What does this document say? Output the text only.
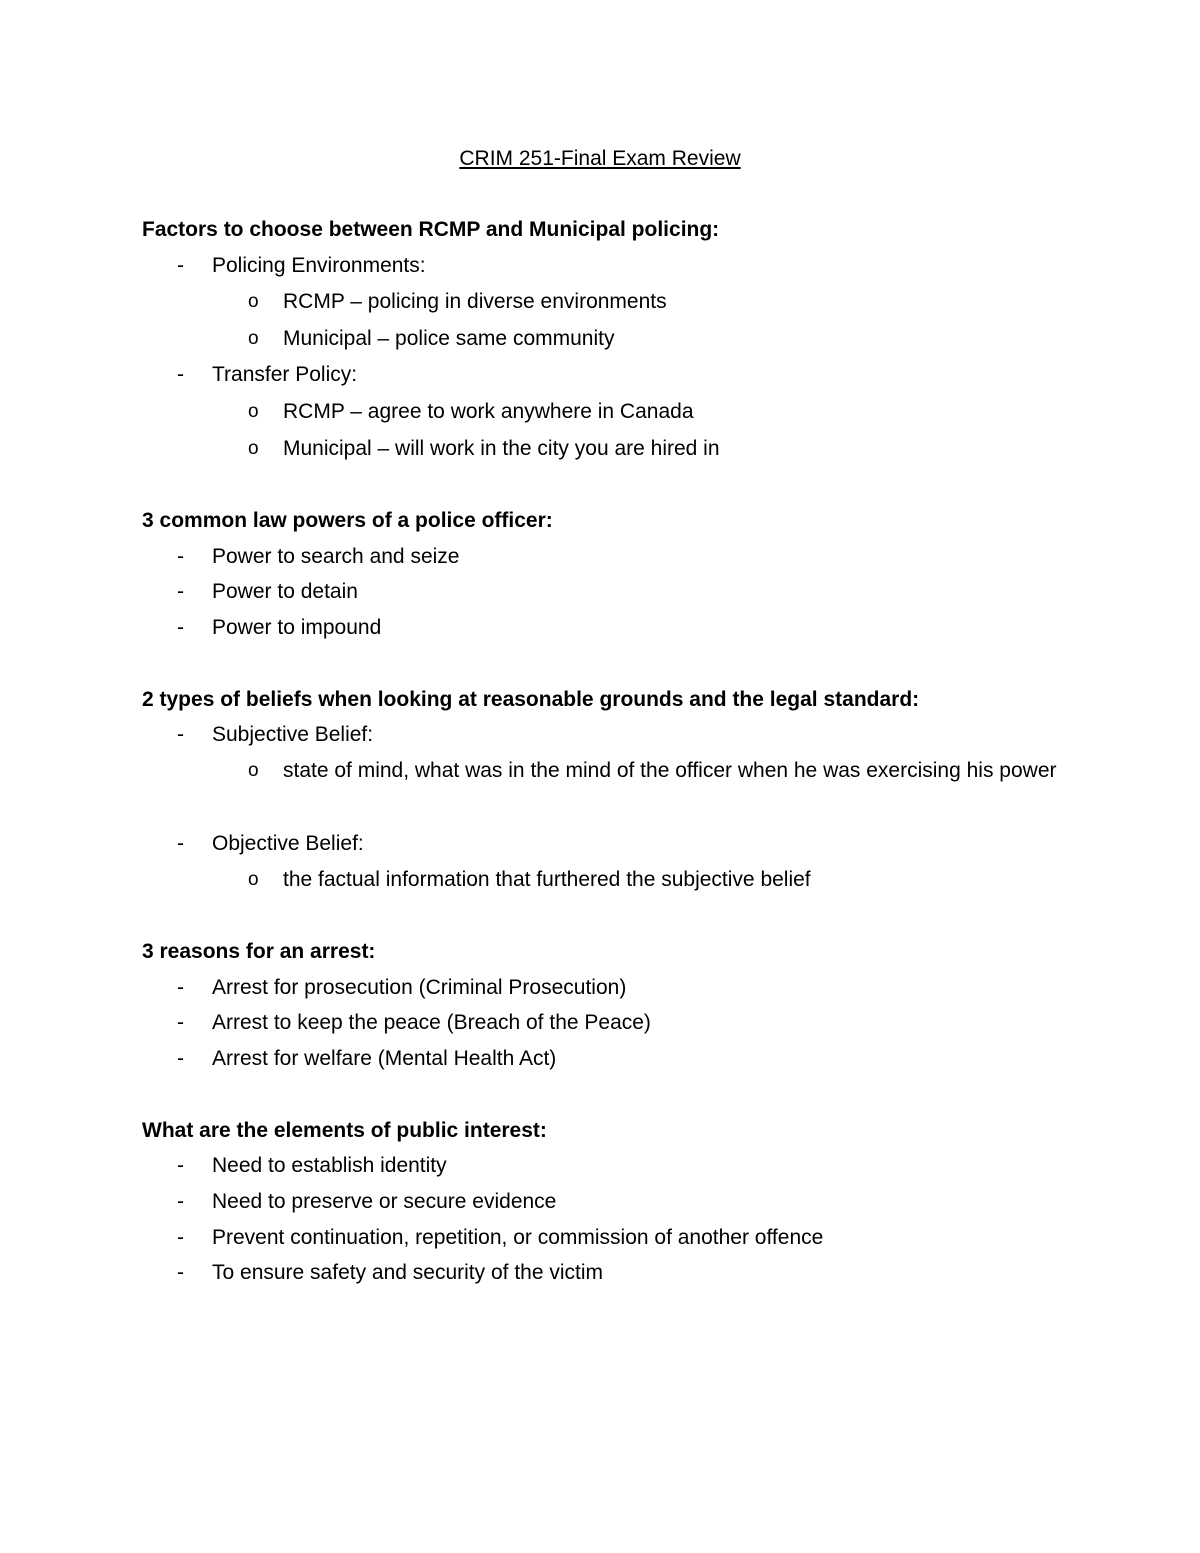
CRIM 251-Final Exam Review
Factors to choose between RCMP and Municipal policing:
- Policing Environments:
o RCMP – policing in diverse environments
o Municipal – police same community
- Transfer Policy:
o RCMP – agree to work anywhere in Canada
o Municipal – will work in the city you are hired in
3 common law powers of a police officer:
- Power to search and seize
- Power to detain
- Power to impound
2 types of beliefs when looking at reasonable grounds and the legal standard:
- Subjective Belief:
o state of mind, what was in the mind of the officer when he was exercising his power
- Objective Belief:
o the factual information that furthered the subjective belief
3 reasons for an arrest:
- Arrest for prosecution (Criminal Prosecution)
- Arrest to keep the peace (Breach of the Peace)
- Arrest for welfare (Mental Health Act)
What are the elements of public interest:
- Need to establish identity
- Need to preserve or secure evidence
- Prevent continuation, repetition, or commission of another offence
- To ensure safety and security of the victim
